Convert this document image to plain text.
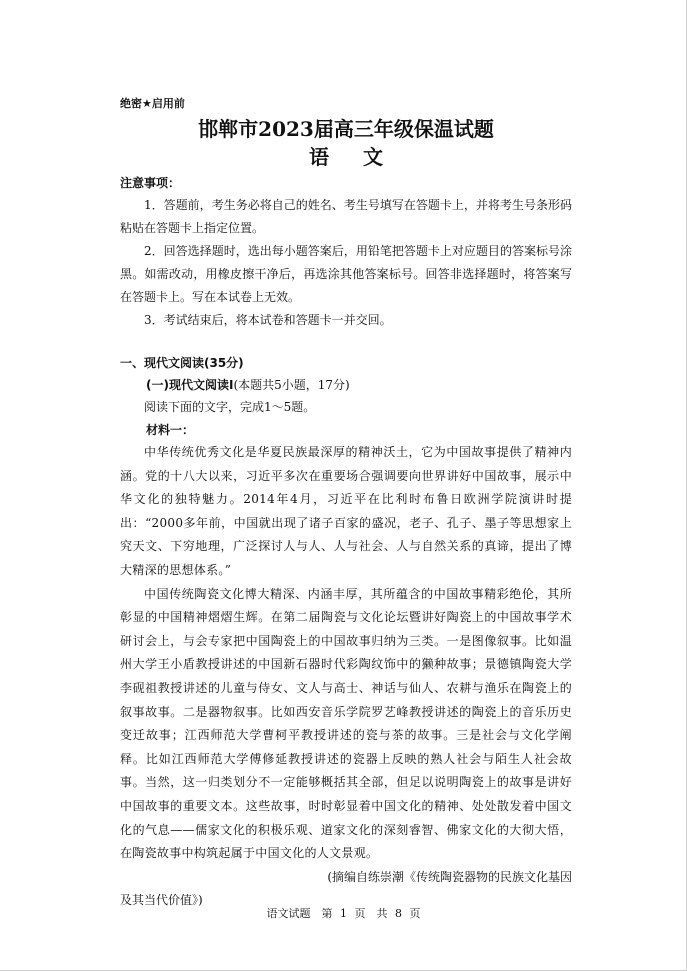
绝密★启用前
邯郸市2023届高三年级保温试题
语文
注意事项：

1．答题前，考生务必将自己的姓名、考生号填写在答题卡上，并将考生号条形码粘贴在答题卡上指定位置。

2．回答选择题时，选出每小题答案后，用铅笔把答题卡上对应题目的答案标号涂黑。如需改动，用橡皮擦干净后，再选涂其他答案标号。回答非选择题时，将答案写在答题卡上。写在本试卷上无效。

3．考试结束后，将本试卷和答题卡一并交回。

一、现代文阅读(35分)
(一)现代文阅读Ⅰ(本题共5小题，17分)

阅读下面的文字，完成1～5题。

材料一：

中华传统优秀文化是华夏民族最深厚的精神沃土，它为中国故事提供了精神内涵。党的十八大以来，习近平多次在重要场合强调要向世界讲好中国故事，展示中华文化的独特魅力。2014年4月，习近平在比利时布鲁日欧洲学院演讲时提出：“2000多年前，中国就出现了诸子百家的盛况，老子、孔子、墨子等思想家上究天文、下穷地理，广泛探讨人与人、人与社会、人与自然关系的真谛，提出了博大精深的思想体系。”

中国传统陶瓷文化博大精深、内涵丰厚，其所蕴含的中国故事精彩绝伦，其所彰显的中国精神熠熠生辉。在第二届陶瓷与文化论坛暨讲好陶瓷上的中国故事学术研讨会上，与会专家把中国陶瓷上的中国故事归纳为三类。一是图像叙事。比如温州大学王小盾教授讲述的中国新石器时代彩陶纹饰中的獭种故事；景德镇陶瓷大学李砚祖教授讲述的儿童与侍女、文人与高士、神话与仙人、农耕与渔乐在陶瓷上的叙事故事。二是器物叙事。比如西安音乐学院罗艺峰教授讲述的陶瓷上的音乐历史变迁故事；江西师范大学曹柯平教授讲述的瓷与茶的故事。三是社会与文化学阐释。比如江西师范大学傅修延教授讲述的瓷器上反映的熟人社会与陌生人社会故事。当然，这一归类划分不一定能够概括其全部，但足以说明陶瓷上的故事是讲好中国故事的重要文本。这些故事，时时彰显着中国文化的精神、处处散发着中国文化的气息——儒家文化的积极乐观、道家文化的深刻睿智、佛家文化的大彻大悟，在陶瓷故事中构筑起属于中国文化的人文景观。

(摘编自练崇潮《传统陶瓷器物的民族文化基因

及其当代价值》)

语文试题　第 1 页　共 8 页
